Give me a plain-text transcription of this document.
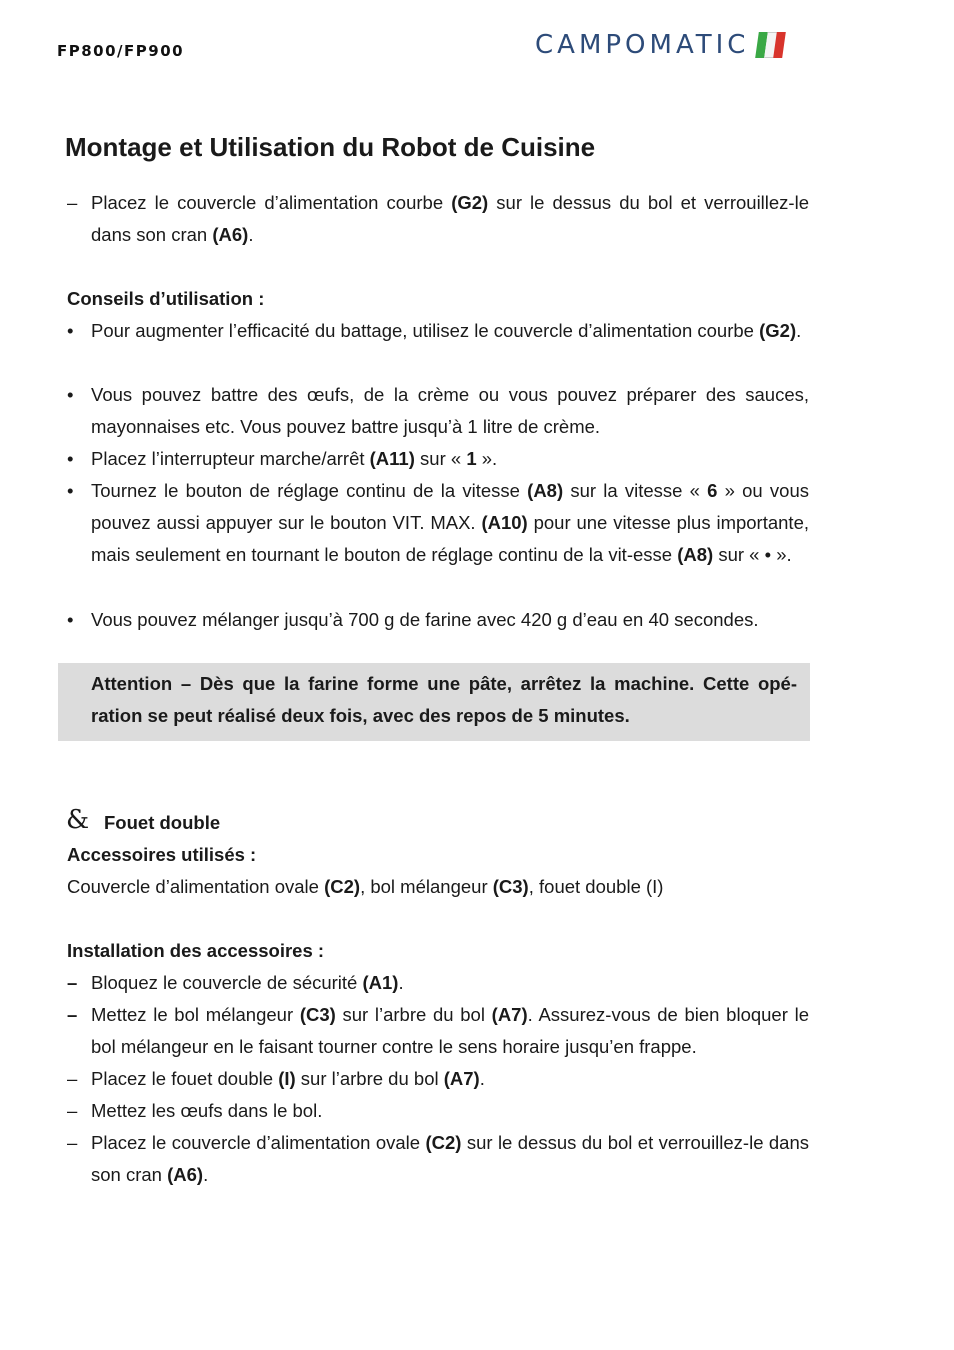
FP800/FP900	CAMPOMATIC
Montage et Utilisation du Robot de Cuisine
– Placez le couvercle d’alimentation courbe (G2) sur le dessus du bol et verrouillez-le dans son cran (A6).
Conseils d’utilisation :
• Pour augmenter l’efficacité du battage, utilisez le couvercle d’alimentation courbe (G2).
• Vous pouvez battre des œufs, de la crème ou vous pouvez préparer des sauces, mayonnaises etc. Vous pouvez battre jusqu’à 1 litre de crème.
• Placez l’interrupteur marche/arrêt (A11) sur « 1 ».
• Tournez le bouton de réglage continu de la vitesse (A8) sur la vitesse « 6 » ou vous pouvez aussi appuyer sur le bouton VIT. MAX. (A10) pour une vitesse plus importante, mais seulement en tournant le bouton de réglage continu de la vit-esse (A8) sur « • ».
• Vous pouvez mélanger jusqu’à 700 g de farine avec 420 g d’eau en 40 secondes.
Attention – Dès que la farine forme une pâte, arrêtez la machine. Cette opé-ration se peut réalisé deux fois, avec des repos de 5 minutes.
& Fouet double
Accessoires utilisés :
Couvercle d’alimentation ovale (C2), bol mélangeur (C3), fouet double (I)
Installation des accessoires :
– Bloquez le couvercle de sécurité (A1).
– Mettez le bol mélangeur (C3) sur l’arbre du bol (A7). Assurez-vous de bien bloquer le bol mélangeur en le faisant tourner contre le sens horaire jusqu’en frappe.
– Placez le fouet double (I) sur l’arbre du bol (A7).
– Mettez les œufs dans le bol.
– Placez le couvercle d’alimentation ovale (C2) sur le dessus du bol et verrouillez-le dans son cran (A6).
